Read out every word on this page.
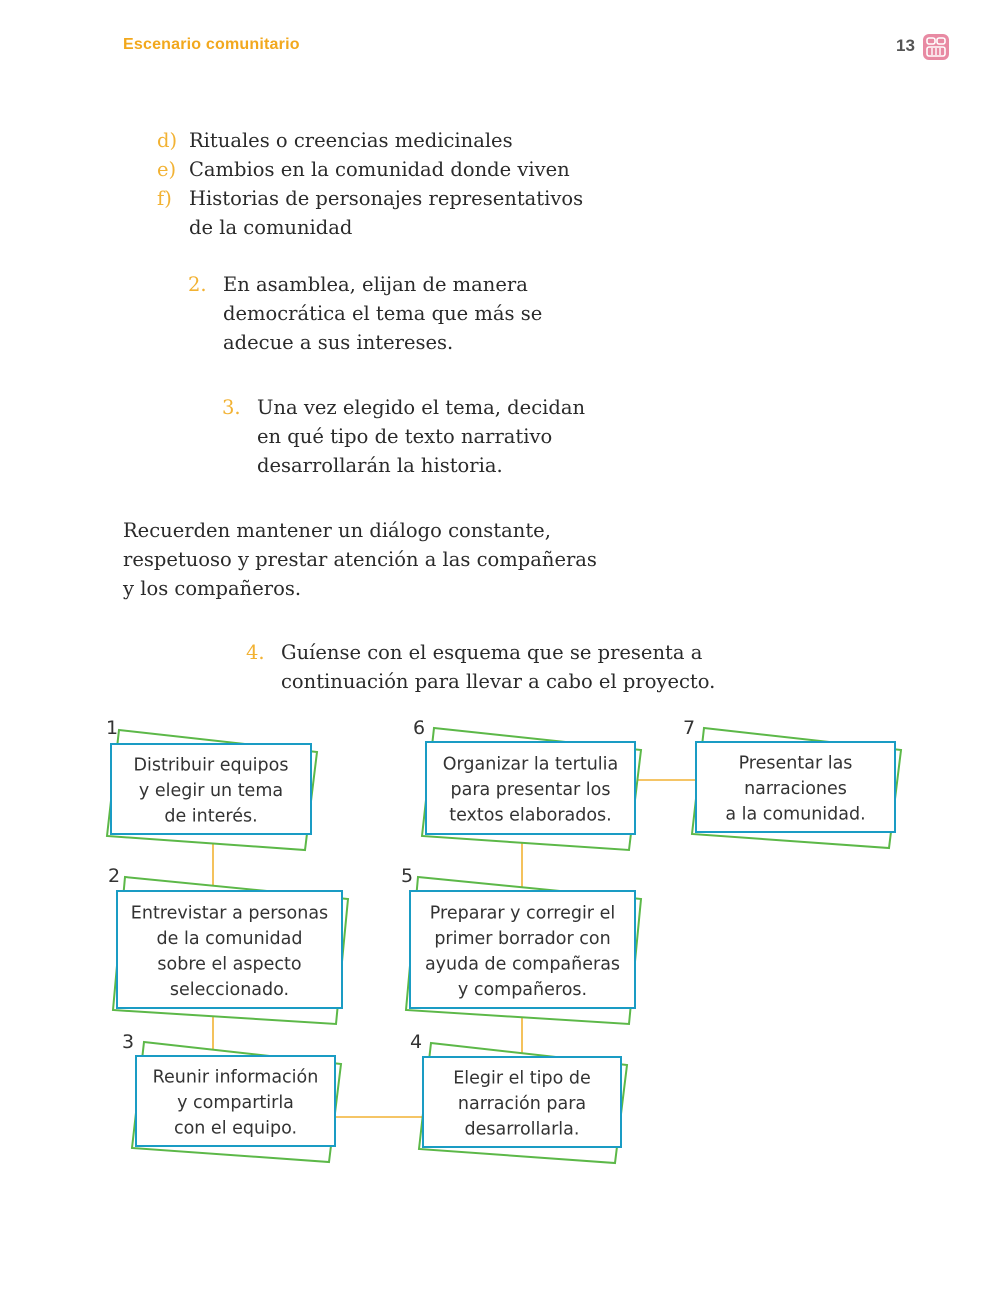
Escenario comunitario	13
d) Rituales o creencias medicinales
e) Cambios en la comunidad donde viven
f) Historias de personajes representativos
de la comunidad
2. En asamblea, elijan de manera
democrática el tema que más se
adecue a sus intereses.
3. Una vez elegido el tema, decidan
en qué tipo de texto narrativo
desarrollarán la historia.
Recuerden mantener un diálogo constante,
respetuoso y prestar atención a las compañeras
y los compañeros.
4. Guíense con el esquema que se presenta a
continuación para llevar a cabo el proyecto.
1
Distribuir equipos
y elegir un tema
de interés.
2
Entrevistar a personas
de la comunidad
sobre el aspecto
seleccionado.
3
Reunir información
y compartirla
con el equipo.
4
Elegir el tipo de
narración para
desarrollarla.
5
Preparar y corregir el
primer borrador con
ayuda de compañeras
y compañeros.
6
Organizar la tertulia
para presentar los
textos elaborados.
7
Presentar las
narraciones
a la comunidad.
